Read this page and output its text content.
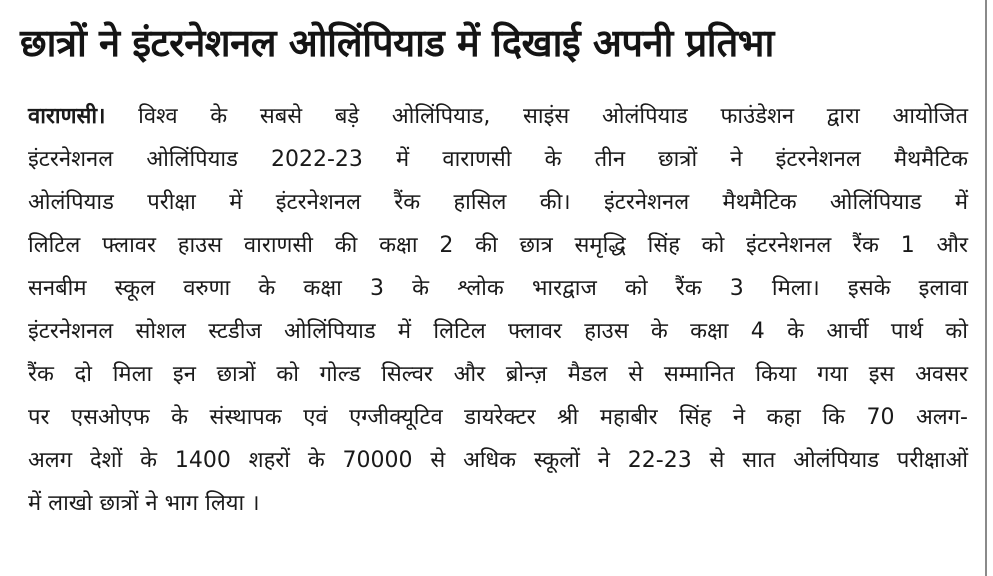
छात्रों ने इंटरनेशनल ओलिंपियाड में दिखाई अपनी प्रतिभा
वाराणसी। विश्व के सबसे बड़े ओलिंपियाड, साइंस ओलंपियाड फाउंडेशन द्वारा आयोजित
इंटरनेशनल ओलिंपियाड 2022-23 में वाराणसी के तीन छात्रों ने इंटरनेशनल मैथमैटिक
ओलंपियाड परीक्षा में इंटरनेशनल रैंक हासिल की। इंटरनेशनल मैथमैटिक ओलिंपियाड में
लिटिल फ्लावर हाउस वाराणसी की कक्षा 2 की छात्र समृद्धि सिंह को इंटरनेशनल रैंक 1 और
सनबीम स्कूल वरुणा के कक्षा 3 के श्लोक भारद्वाज को रैंक 3 मिला। इसके इलावा
इंटरनेशनल सोशल स्टडीज ओलिंपियाड में लिटिल फ्लावर हाउस के कक्षा 4 के आर्ची पार्थ को
रैंक दो मिला इन छात्रों को गोल्ड सिल्वर और ब्रोन्ज़ मैडल से सम्मानित किया गया इस अवसर
पर एसओएफ के संस्थापक एवं एग्जीक्यूटिव डायरेक्टर श्री महाबीर सिंह ने कहा कि 70 अलग-
अलग देशों के 1400 शहरों के 70000 से अधिक स्कूलों ने 22-23 से सात ओलंपियाड परीक्षाओं
में लाखो छात्रों ने भाग लिया ।
